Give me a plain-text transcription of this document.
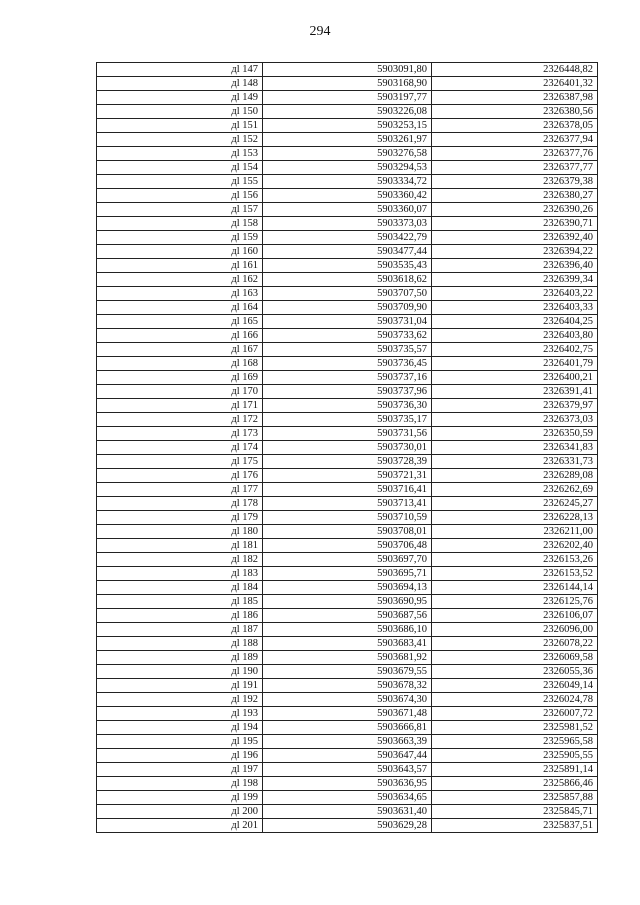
294
дl 147	5903091,80	2326448,82
дl 148	5903168,90	2326401,32
дl 149	5903197,77	2326387,98
дl 150	5903226,08	2326380,56
дl 151	5903253,15	2326378,05
дl 152	5903261,97	2326377,94
дl 153	5903276,58	2326377,76
дl 154	5903294,53	2326377,77
дl 155	5903334,72	2326379,38
дl 156	5903360,42	2326380,27
дl 157	5903360,07	2326390,26
дl 158	5903373,03	2326390,71
дl 159	5903422,79	2326392,40
дl 160	5903477,44	2326394,22
дl 161	5903535,43	2326396,40
дl 162	5903618,62	2326399,34
дl 163	5903707,50	2326403,22
дl 164	5903709,90	2326403,33
дl 165	5903731,04	2326404,25
дl 166	5903733,62	2326403,80
дl 167	5903735,57	2326402,75
дl 168	5903736,45	2326401,79
дl 169	5903737,16	2326400,21
дl 170	5903737,96	2326391,41
дl 171	5903736,30	2326379,97
дl 172	5903735,17	2326373,03
дl 173	5903731,56	2326350,59
дl 174	5903730,01	2326341,83
дl 175	5903728,39	2326331,73
дl 176	5903721,31	2326289,08
дl 177	5903716,41	2326262,69
дl 178	5903713,41	2326245,27
дl 179	5903710,59	2326228,13
дl 180	5903708,01	2326211,00
дl 181	5903706,48	2326202,40
дl 182	5903697,70	2326153,26
дl 183	5903695,71	2326153,52
дl 184	5903694,13	2326144,14
дl 185	5903690,95	2326125,76
дl 186	5903687,56	2326106,07
дl 187	5903686,10	2326096,00
дl 188	5903683,41	2326078,22
дl 189	5903681,92	2326069,58
дl 190	5903679,55	2326055,36
дl 191	5903678,32	2326049,14
дl 192	5903674,30	2326024,78
дl 193	5903671,48	2326007,72
дl 194	5903666,81	2325981,52
дl 195	5903663,39	2325965,58
дl 196	5903647,44	2325905,55
дl 197	5903643,57	2325891,14
дl 198	5903636,95	2325866,46
дl 199	5903634,65	2325857,88
дl 200	5903631,40	2325845,71
дl 201	5903629,28	2325837,51
